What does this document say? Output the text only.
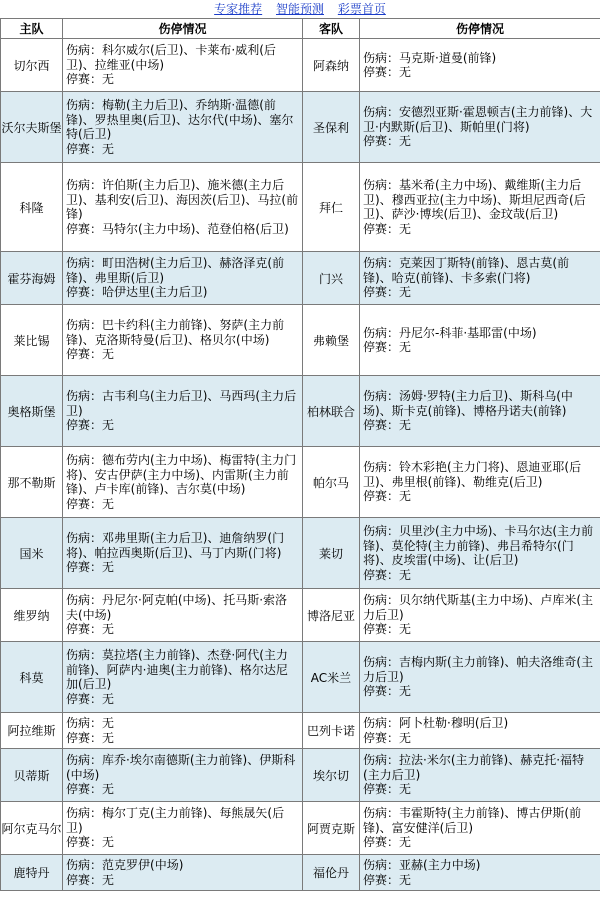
专家推荐 智能预测 彩票首页
主队	伤停情况	客队	伤停情况
切尔西	伤病 ： 科尔威尔(后卫)、卡莱布·威利(后卫)、拉维亚(中场)
停赛 ： 无	阿森纳	伤病 ： 马克斯·道曼(前锋)
停赛 ： 无

沃尔夫斯堡	伤病 ： 梅勒(主力后卫)、乔纳斯·温德(前锋)、罗热里奥(后卫)、达尔代(中场)、塞尔特(后卫)
停赛 ： 无	圣保利	伤病 ： 安德烈亚斯·霍恩顿吉(主力前锋)、大卫·内默斯(后卫)、斯帕里(门将)
停赛 ： 无

科隆	伤病 ： 许伯斯(主力后卫)、施米德(主力后卫)、基利安(后卫)、海因茨(后卫)、马拉(前锋)
停赛 ： 马特尔(主力中场)、范登伯格(后卫)	拜仁	伤病 ： 基米希(主力中场)、戴维斯(主力后卫)、穆西亚拉(主力中场)、斯坦尼西奇(后卫)、萨沙·博埃(后卫)、金玟哉(后卫)
停赛 ： 无

霍芬海姆	伤病 ： 町田浩树(主力后卫)、赫洛泽克(前锋)、弗里斯(后卫)
停赛 ： 哈伊达里(主力后卫)	门兴	伤病 ： 克莱因丁斯特(前锋)、恩古莫(前锋)、哈克(前锋)、卡多索(门将)
停赛 ： 无

莱比锡	伤病 ： 巴卡约科(主力前锋)、努萨(主力前锋)、克洛斯特曼(后卫)、格贝尔(中场)
停赛 ： 无	弗赖堡	伤病 ： 丹尼尔-科菲·基耶雷(中场)
停赛 ： 无

奥格斯堡	伤病 ： 古韦利乌(主力后卫)、马西玛(主力后卫)
停赛 ： 无	柏林联合	伤病 ： 汤姆·罗特(主力后卫)、斯科乌(中场)、斯卡克(前锋)、博格丹诺夫(前锋)
停赛 ： 无

那不勒斯	伤病 ： 德布劳内(主力中场)、梅雷特(主力门将)、安古伊萨(主力中场)、内雷斯(主力前锋)、卢卡库(前锋)、吉尔莫(中场)
停赛 ： 无	帕尔马	伤病 ： 铃木彩艳(主力门将)、恩迪亚耶(后卫)、弗里根(前锋)、勒维克(后卫)
停赛 ： 无

国米	伤病 ： 邓弗里斯(主力后卫)、迪詹纳罗(门将)、帕拉西奥斯(后卫)、马丁内斯(门将)
停赛 ： 无	莱切	伤病 ： 贝里沙(主力中场)、卡马尔达(主力前锋)、莫伦特(主力前锋)、弗吕希特尔(门将)、皮埃雷(中场)、让(后卫)
停赛 ： 无

维罗纳	伤病 ： 丹尼尔·阿克帕(中场)、托马斯·索洛夫(中场)
停赛 ： 无	博洛尼亚	伤病 ： 贝尔纳代斯基(主力中场)、卢库米(主力后卫)
停赛 ： 无

科莫	伤病 ： 莫拉塔(主力前锋)、杰登·阿代(主力前锋)、阿萨内·迪奥(主力前锋)、格尔达尼加(后卫)
停赛 ： 无	AC米兰	伤病 ： 吉梅内斯(主力前锋)、帕夫洛维奇(主力后卫)
停赛 ： 无

阿拉维斯	伤病 ： 无
停赛 ： 无	巴列卡诺	伤病 ： 阿卜杜勒·穆明(后卫)
停赛 ： 无

贝蒂斯	伤病 ： 库乔·埃尔南德斯(主力前锋)、伊斯科(中场)
停赛 ： 无	埃尔切	伤病 ： 拉法·米尔(主力前锋)、赫克托·福特(主力后卫)
停赛 ： 无

阿尔克马尔	伤病 ： 梅尔丁克(主力前锋)、每熊晟矢(后卫)
停赛 ： 无	阿贾克斯	伤病 ： 韦霍斯特(主力前锋)、博古伊斯(前锋)、富安健洋(后卫)
停赛 ： 无

鹿特丹	伤病 ： 范克罗伊(中场)
停赛 ： 无	福伦丹	伤病 ： 亚赫(主力中场)
停赛 ： 无
